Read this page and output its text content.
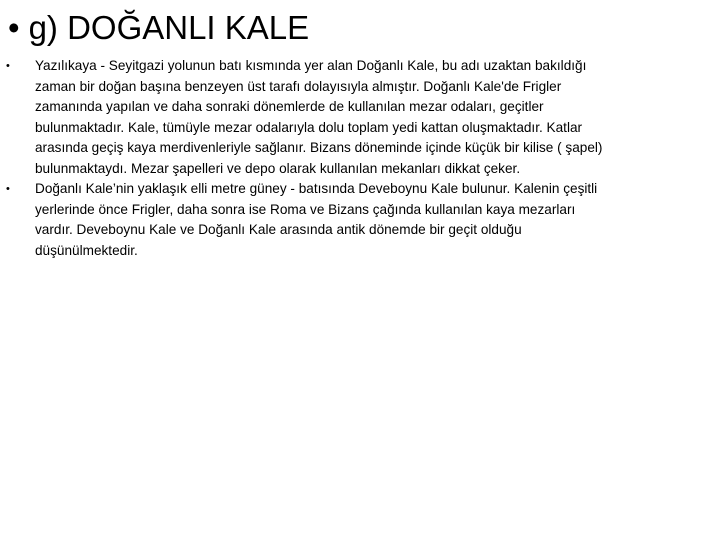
• g) DOĞANLI KALE
•	Yazılıkaya - Seyitgazi yolunun batı kısmında yer alan Doğanlı Kale, bu adı uzaktan bakıldığı
zaman bir doğan başına benzeyen üst tarafı dolayısıyla almıştır. Doğanlı Kale'de Frigler
zamanında yapılan ve daha sonraki dönemlerde de kullanılan mezar odaları, geçitler
bulunmaktadır. Kale, tümüyle mezar odalarıyla dolu toplam yedi kattan oluşmaktadır. Katlar
arasında geçiş kaya merdivenleriyle sağlanır. Bizans döneminde içinde küçük bir kilise ( şapel)
bulunmaktaydı. Mezar şapelleri ve depo olarak kullanılan mekanları dikkat çeker.
•	Doğanlı Kale’nin yaklaşık elli metre güney - batısında Deveboynu Kale bulunur. Kalenin çeşitli
yerlerinde önce Frigler, daha sonra ise Roma ve Bizans çağında kullanılan kaya mezarları
vardır. Deveboynu Kale ve Doğanlı Kale arasında antik dönemde bir geçit olduğu
düşünülmektedir.
